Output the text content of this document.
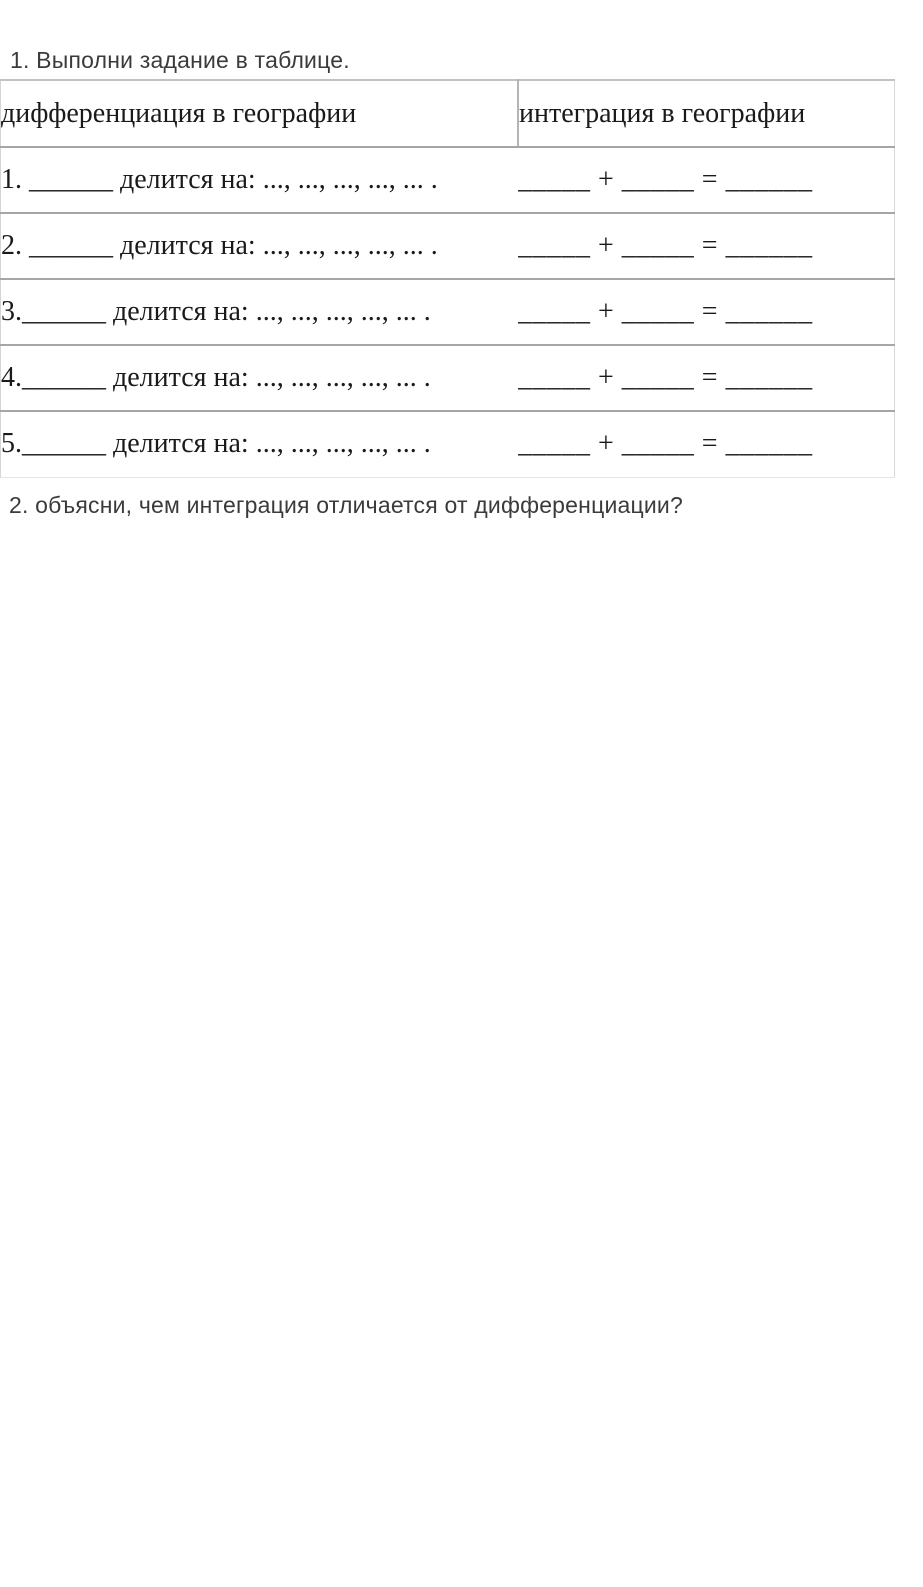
1. Выполни задание в таблице.
дифференциация в географии	интеграция в географии
1. ______ делится на: ..., ..., ..., ..., ... .	_____ + _____ = ______
2. ______ делится на: ..., ..., ..., ..., ... .	_____ + _____ = ______
3.______ делится на: ..., ..., ..., ..., ... .	_____ + _____ = ______
4.______ делится на: ..., ..., ..., ..., ... .	_____ + _____ = ______
5.______ делится на: ..., ..., ..., ..., ... .	_____ + _____ = ______
2. объясни, чем интеграция отличается от дифференциации?
